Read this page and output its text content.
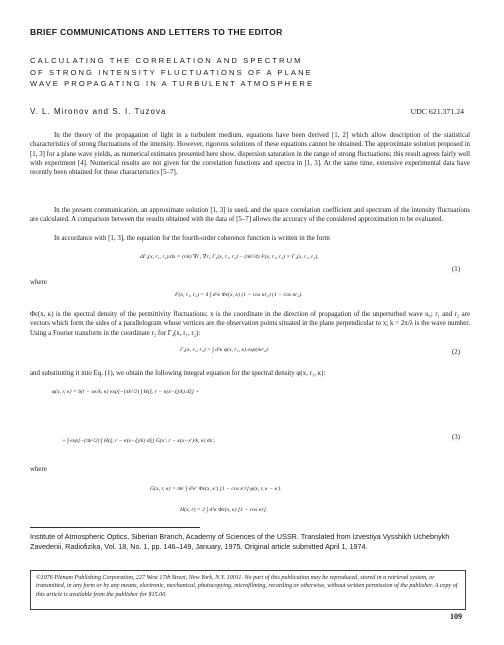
BRIEF COMMUNICATIONS AND LETTERS TO THE EDITOR
CALCULATING THE CORRELATION AND SPECTRUM
OF STRONG INTENSITY FLUCTUATIONS OF A PLANE
WAVE PROPAGATING IN A TURBULENT ATMOSPHERE
V. L. Mironov and S. I. Tuzova	UDC 621.371.24
In the theory of the propagation of light in a turbulent medium, equations have been derived [1, 2] which allow description of the statistical characteristics of strong fluctuations of the intensity. However, rigorous solutions of these equations cannot be obtained. The approximate solution proposed in [1, 3] for a plane wave yields, as numerical estimates presented here show, dispersion saturation in the range of strong fluctuations; this result agrees fairly well with experiment [4]. Numerical results are not given for the correlation functions and spectra in [1, 3]. At the same time, extensive experimental data have recently been obtained for these characteristics [5–7].
In the present communication, an approximate solution [1, 3] is used, and the space correlation coefficient and spectrum of the intensity fluctuations are calculated. A comparison between the results obtained with the data of [5–7] allows the accuracy of the considered approximation to be evaluated.
In accordance with [1, 3], the equation for the fourth-order coherence function is written in the form
dΓ₄(x, r₁, r₂)/dx = (i/k) ∇r₁ ∇r₂ Γ₄(x, r₁, r₂) − (πk²/4) F(x, r₁, r₂) × Γ₄(x, r₁, r₂),
(1)
where
F(x, r₁, r₂) = 4 ∫ d²κ Φε(x, κ) (1 − cos κr₁) (1 − cos κr₂).
Φε(x, κ) is the spectral density of the permittivity fluctuations; x is the coordinate in the direction of propagation of the unperturbed wave u₀; r₁ and r₂ are vectors which form the sides of a parallelogram whose vertices are the observation points situated in the plane perpendicular to x; k = 2π/λ is the wave number. Using a Fourier transform in the coordinate r₂ for Γ₄(x, r₁, r₂):
Γ₄(x, r₁, r₂) = ∫ d²κ φ(x, r₁, κ) exp(iκr₂).	(2)
and substituting it into Eq. (1), we obtain the following integral equation for the spectral density φ(x, r₁, κ):
φ(x, r, κ) = δ(r − xκ/k, κ) exp[−(πk²/2) ∫ H(ξ, r − κ(x−ξ)/k) dξ] +
+ ∫ exp[−(πk²/2) ∫ H(ξ, r − κ(x−ξ)/k) dξ] G(x′, r − κ(x−x′)/k, κ) dx′,	(3)
where
G(x, r, κ) = πk² ∫ d²κ′ Φε(x, κ′) [1 − cos κ′r] φ(x, r, κ − κ′).
H(x, r) = 2 ∫ d²κ Φε(x, κ) [1 − cos κr].
Institute of Atmospheric Optics, Siberian Branch, Academy of Sciences of the USSR. Translated from Izvestiya Vysshikh Uchebnykh Zavedenii, Radiofizika, Vol. 18, No. 1, pp. 146–149, January, 1975. Original article submitted April 1, 1974.
©1976 Plenum Publishing Corporation, 227 West 17th Street, New York, N.Y. 10011. No part of this publication may be reproduced, stored in a retrieval system, or transmitted, in any form or by any means, electronic, mechanical, photocopying, microfilming, recording or otherwise, without written permission of the publisher. A copy of this article is available from the publisher for $15.00.
109
